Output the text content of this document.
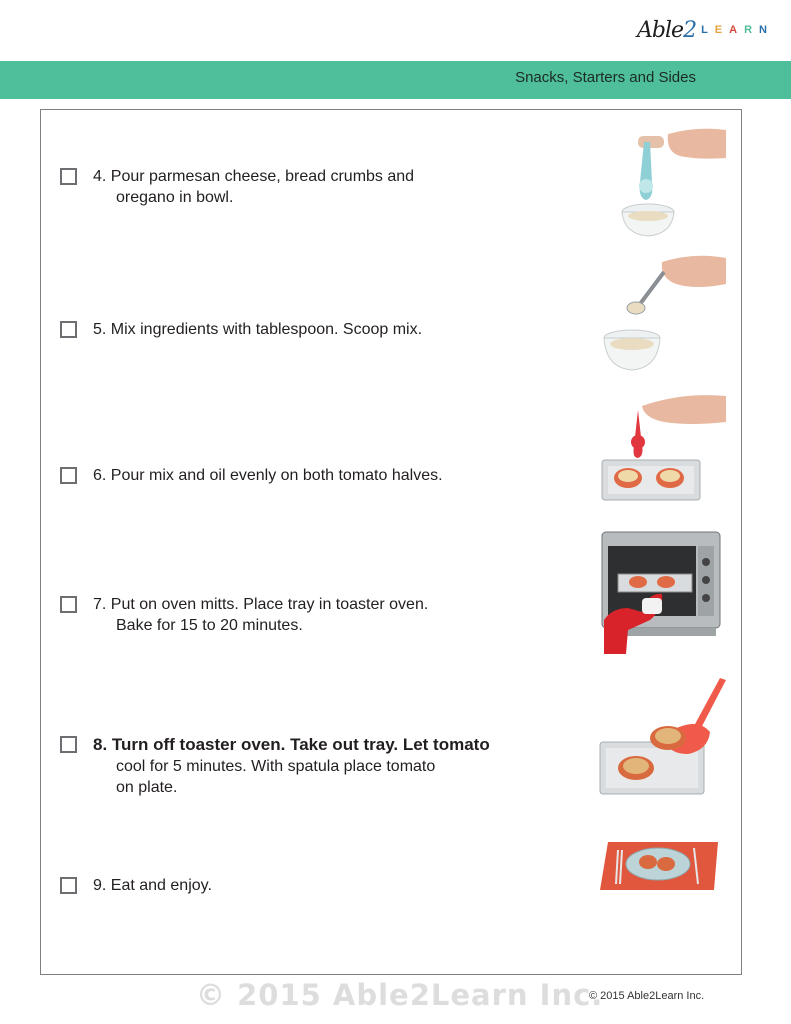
Able2 L E A R N
Snacks, Starters and Sides
4. Pour parmesan cheese, bread crumbs and
oregano in bowl.
5. Mix ingredients with tablespoon. Scoop mix.
6. Pour mix and oil evenly on both tomato halves.
7. Put on oven mitts. Place tray in toaster oven.
Bake for 15 to 20 minutes.
8. Turn off toaster oven. Take out tray. Let tomato
cool for 5 minutes. With spatula place tomato
on plate.
9. Eat and enjoy.
© 2015 Able2Learn Inc.
© 2015 Able2Learn Inc.
